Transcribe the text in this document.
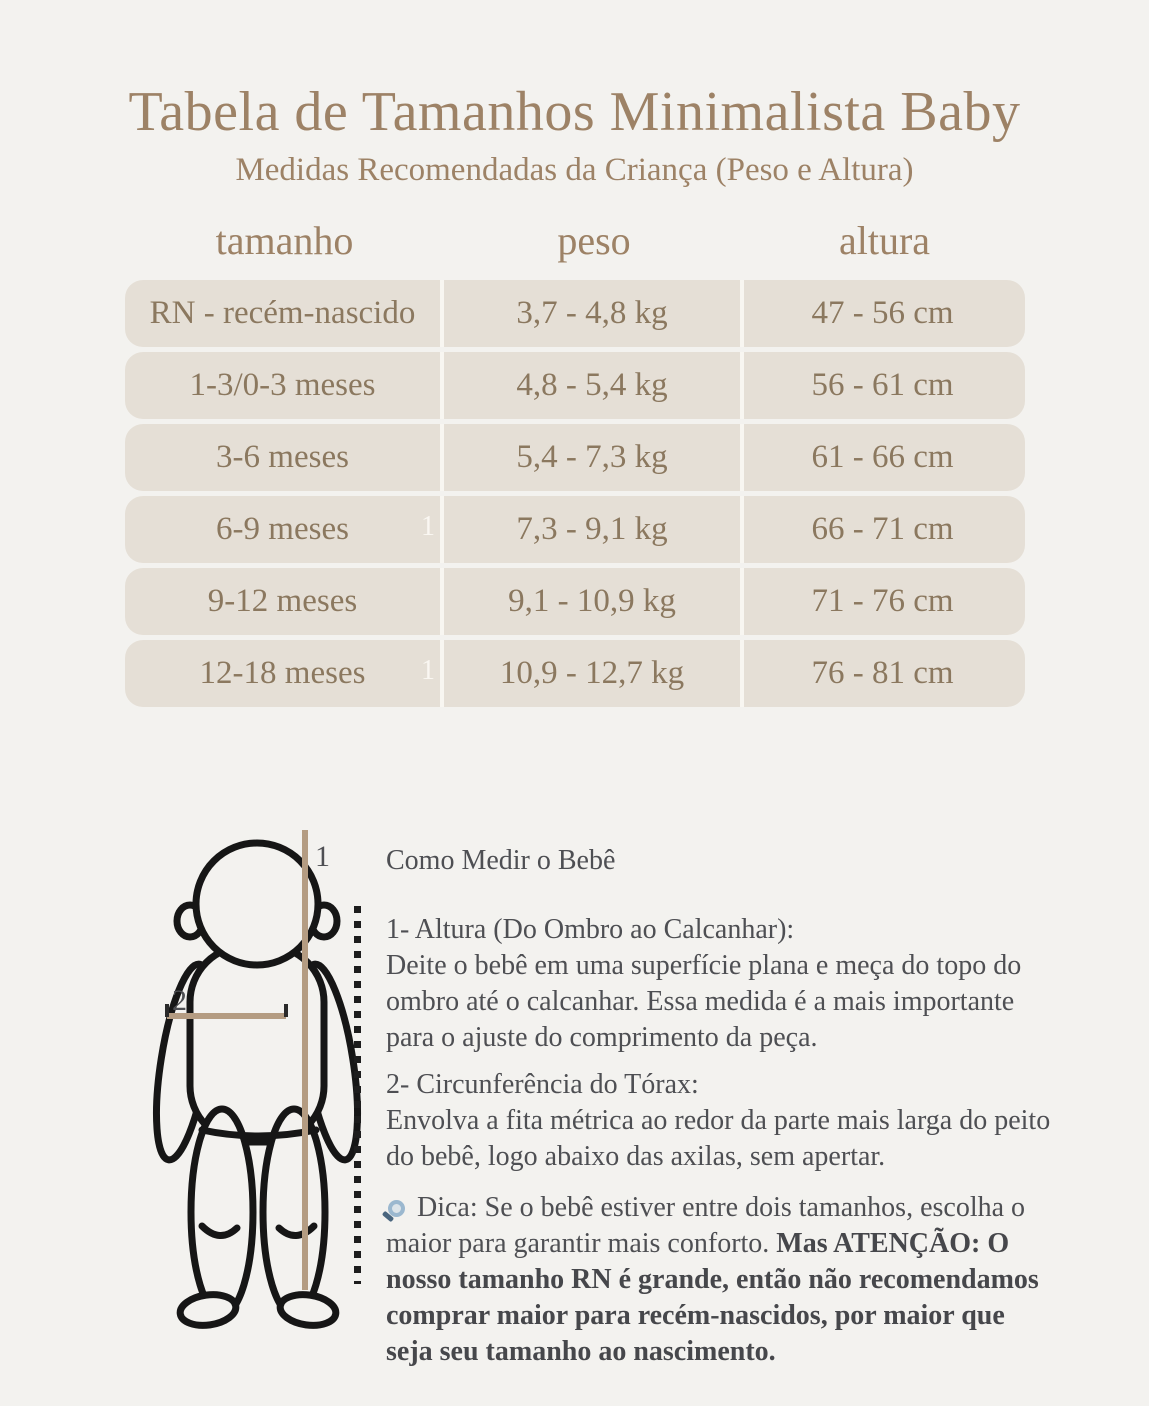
Tabela de Tamanhos Minimalista Baby
Medidas Recomendadas da Criança (Peso e Altura)
tamanho	peso	altura
RN - recém-nascido	3,7 - 4,8 kg	47 - 56 cm
1-3/0-3 meses	4,8 - 5,4 kg	56 - 61 cm
3-6 meses	5,4 - 7,3 kg	61 - 66 cm
6-9 meses	7,3 - 9,1 kg	66 - 71 cm
1
9-12 meses	9,1 - 10,9 kg	71 - 76 cm
12-18 meses	10,9 - 12,7 kg	76 - 81 cm
1
1
2
Como Medir o Bebê
1- Altura (Do Ombro ao Calcanhar):
Deite o bebê em uma superfície plana e meça do topo do ombro até o calcanhar. Essa medida é a mais importante para o ajuste do comprimento da peça.
2- Circunferência do Tórax:
Envolva a fita métrica ao redor da parte mais larga do peito do bebê, logo abaixo das axilas, sem apertar.
Dica: Se o bebê estiver entre dois tamanhos, escolha o maior para garantir mais conforto. Mas ATENÇÃO: O nosso tamanho RN é grande, então não recomendamos comprar maior para recém-nascidos, por maior que seja seu tamanho ao nascimento.
